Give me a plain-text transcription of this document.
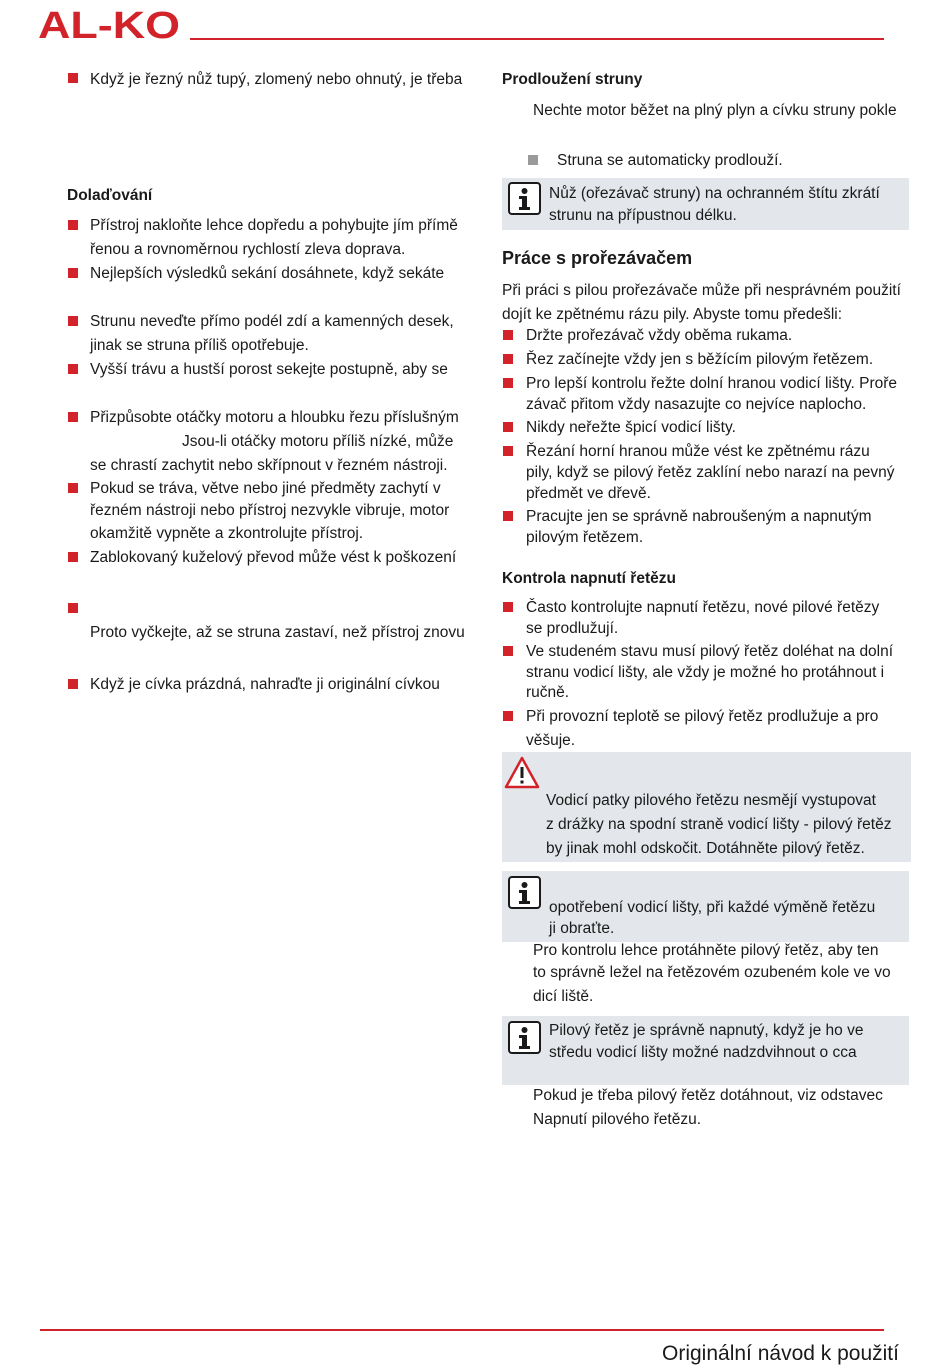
AL-KO
Když je řezný nůž tupý, zlomený nebo ohnutý, je třeba
Dolaďování
Přístroj nakloňte lehce dopředu a pohybujte jím přímě
řenou a rovnoměrnou rychlostí zleva doprava.
Nejlepších výsledků sekání dosáhnete, když sekáte
Strunu neveďte přímo podél zdí a kamenných desek,
jinak se struna příliš opotřebuje.
Vyšší trávu a hustší porost sekejte postupně, aby se
Přizpůsobte otáčky motoru a hloubku řezu příslušným
Jsou-li otáčky motoru příliš nízké, může
se chrastí zachytit nebo skřípnout v řezném nástroji.
Pokud se tráva, větve nebo jiné předměty zachytí v
řezném nástroji nebo přístroj nezvykle vibruje, motor
okamžitě vypněte a zkontrolujte přístroj.
Zablokovaný kuželový převod může vést k poškození
Proto vyčkejte, až se struna zastaví, než přístroj znovu
Když je cívka prázdná, nahraďte ji originální cívkou
Prodloužení struny
Nechte motor běžet na plný plyn a cívku struny pokle
Struna se automaticky prodlouží.
Nůž (ořezávač struny) na ochranném štítu zkrátí
strunu na přípustnou délku.
Práce s prořezávačem
Při práci s pilou prořezávače může při nesprávném použití
dojít ke zpětnému rázu pily. Abyste tomu předešli:
Držte prořezávač vždy oběma rukama.
Řez začínejte vždy jen s běžícím pilovým řetězem.
Pro lepší kontrolu řežte dolní hranou vodicí lišty. Proře
závač přitom vždy nasazujte co nejvíce naplocho.
Nikdy neřežte špicí vodicí lišty.
Řezání horní hranou může vést ke zpětnému rázu
pily, když se pilový řetěz zaklíní nebo narazí na pevný
předmět ve dřevě.
Pracujte jen se správně nabroušeným a napnutým
pilovým řetězem.
Kontrola napnutí řetězu
Často kontrolujte napnutí řetězu, nové pilové řetězy
se prodlužují.
Ve studeném stavu musí pilový řetěz doléhat na dolní
stranu vodicí lišty, ale vždy je možné ho protáhnout i
ručně.
Při provozní teplotě se pilový řetěz prodlužuje a pro
věšuje.
Vodicí patky pilového řetězu nesmějí vystupovat
z drážky na spodní straně vodicí lišty - pilový řetěz
by jinak mohl odskočit. Dotáhněte pilový řetěz.
opotřebení vodicí lišty, při každé výměně řetězu
ji obraťte.
Pro kontrolu lehce protáhněte pilový řetěz, aby ten
to správně ležel na řetězovém ozubeném kole ve vo
dicí liště.
Pilový řetěz je správně napnutý, když je ho ve
středu vodicí lišty možné nadzdvihnout o cca
Pokud je třeba pilový řetěz dotáhnout, viz odstavec
Napnutí pilového řetězu.
Originální návod k použití
